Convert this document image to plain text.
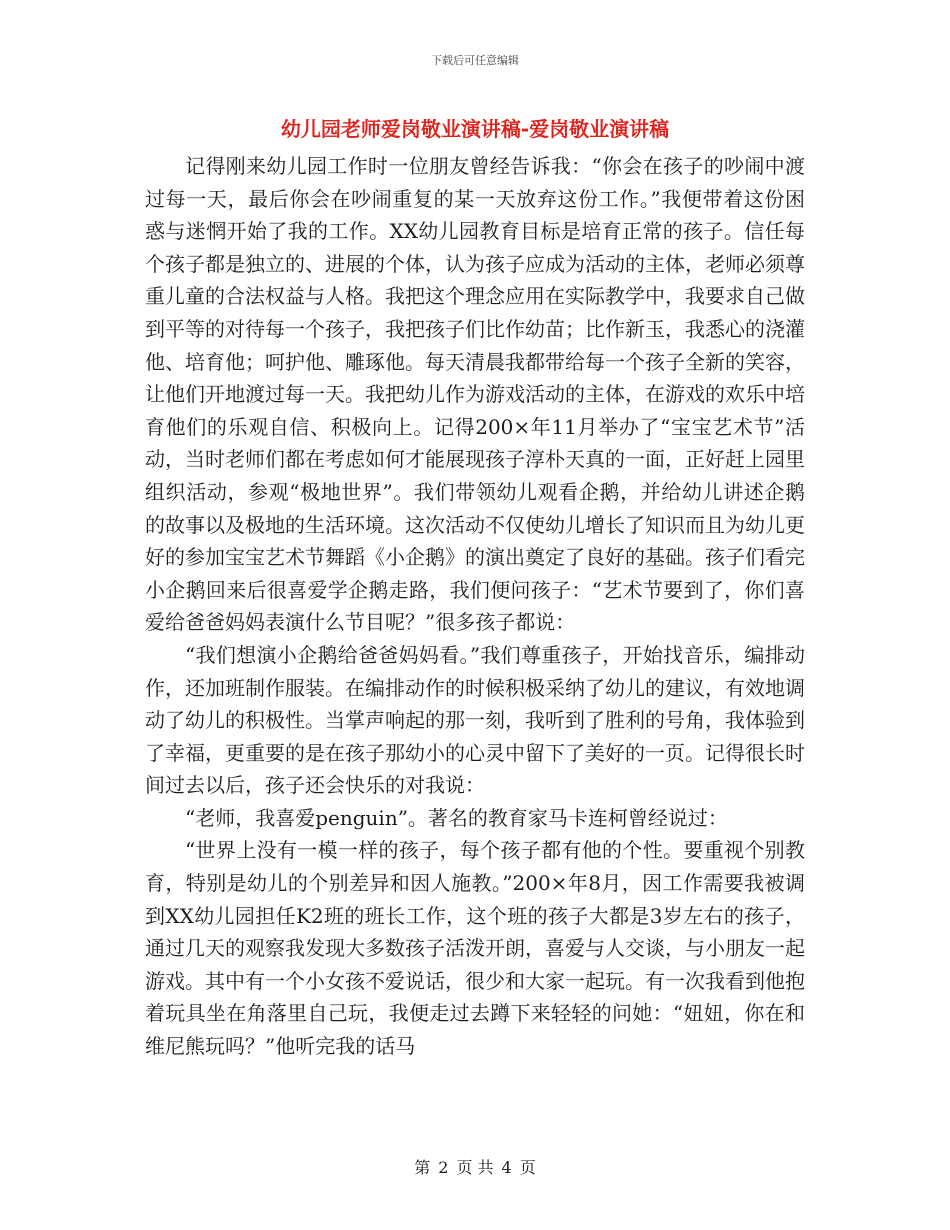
下载后可任意编辑
幼儿园老师爱岗敬业演讲稿-爱岗敬业演讲稿

记得刚来幼儿园工作时一位朋友曾经告诉我：“你会在孩子的吵闹中渡过每一天，最后你会在吵闹重复的某一天放弃这份工作。”我便带着这份困惑与迷惘开始了我的工作。XX幼儿园教育目标是培育正常的孩子。信任每个孩子都是独立的、进展的个体，认为孩子应成为活动的主体，老师必须尊重儿童的合法权益与人格。我把这个理念应用在实际教学中，我要求自己做到平等的对待每一个孩子，我把孩子们比作幼苗；比作新玉，我悉心的浇灌他、培育他；呵护他、雕琢他。每天清晨我都带给每一个孩子全新的笑容，让他们开地渡过每一天。我把幼儿作为游戏活动的主体，在游戏的欢乐中培育他们的乐观自信、积极向上。记得200×年11月举办了“宝宝艺术节”活动，当时老师们都在考虑如何才能展现孩子淳朴天真的一面，正好赶上园里组织活动，参观“极地世界”。我们带领幼儿观看企鹅，并给幼儿讲述企鹅的故事以及极地的生活环境。这次活动不仅使幼儿增长了知识而且为幼儿更好的参加宝宝艺术节舞蹈《小企鹅》的演出奠定了良好的基础。孩子们看完小企鹅回来后很喜爱学企鹅走路，我们便问孩子：“艺术节要到了，你们喜爱给爸爸妈妈表演什么节目呢？”很多孩子都说：

“我们想演小企鹅给爸爸妈妈看。”我们尊重孩子，开始找音乐，编排动作，还加班制作服装。在编排动作的时候积极采纳了幼儿的建议，有效地调动了幼儿的积极性。当掌声响起的那一刻，我听到了胜利的号角，我体验到了幸福，更重要的是在孩子那幼小的心灵中留下了美好的一页。记得很长时间过去以后，孩子还会快乐的对我说：

“老师，我喜爱penguin”。著名的教育家马卡连柯曾经说过：

“世界上没有一模一样的孩子，每个孩子都有他的个性。要重视个别教育，特别是幼儿的个别差异和因人施教。”200×年8月，因工作需要我被调到XX幼儿园担任K2班的班长工作，这个班的孩子大都是3岁左右的孩子，通过几天的观察我发现大多数孩子活泼开朗，喜爱与人交谈，与小朋友一起游戏。其中有一个小女孩不爱说话，很少和大家一起玩。有一次我看到他抱着玩具坐在角落里自己玩，我便走过去蹲下来轻轻的问她：“妞妞，你在和维尼熊玩吗？”他听完我的话马

第 2 页 共 4 页
